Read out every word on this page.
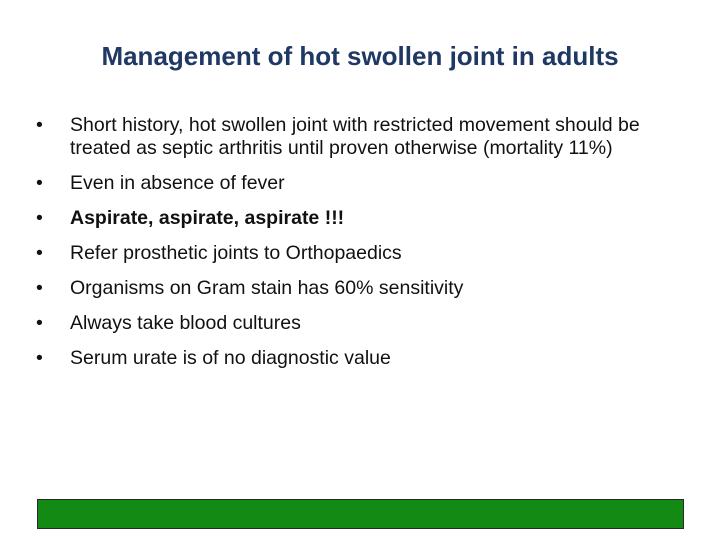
Management of hot swollen joint in adults
•	Short history, hot swollen joint with restricted movement should be treated as septic arthritis until proven otherwise (mortality 11%)
•	Even in absence of fever
•	Aspirate, aspirate, aspirate !!!
•	Refer prosthetic joints to Orthopaedics
•	Organisms on Gram stain has 60% sensitivity
•	Always take blood cultures
•	Serum urate is of no diagnostic value
